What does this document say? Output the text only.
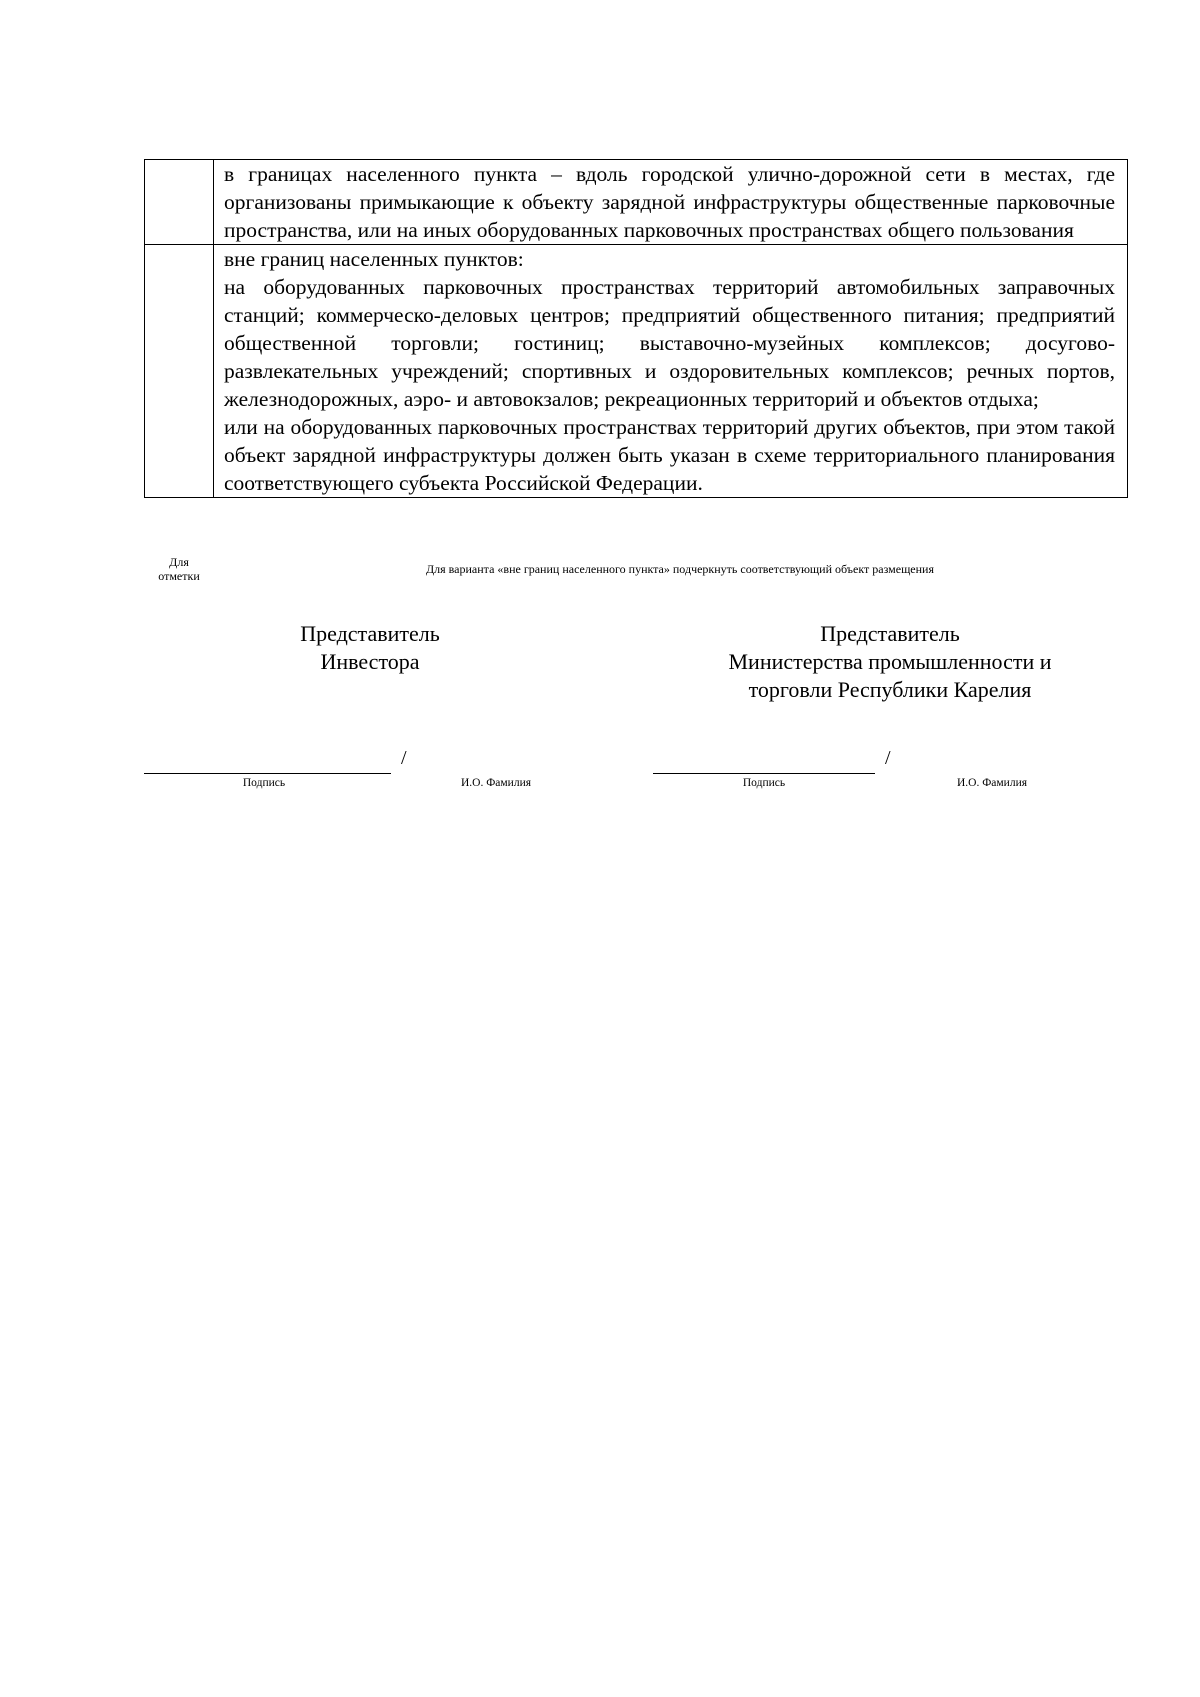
	в границах населенного пункта – вдоль городской улично-дорожной сети в местах, где организованы примыкающие к объекту зарядной инфраструктуры общественные парковочные пространства, или на иных оборудованных парковочных пространствах общего пользования

	вне границ населенных пунктов:

на оборудованных парковочных пространствах территорий автомобильных заправочных станций; коммерческо-деловых центров; предприятий общественного питания; предприятий общественной торговли; гостиниц; выставочно-музейных комплексов; досугово-развлекательных учреждений; спортивных и оздоровительных комплексов; речных портов, железнодорожных, аэро- и автовокзалов; рекреационных территорий и объектов отдыха;

или на оборудованных парковочных пространствах территорий других объектов, при этом такой объект зарядной инфраструктуры должен быть указан в схеме территориального планирования соответствующего субъекта Российской Федерации.

Для
отметки	Для варианта «вне границ населенного пункта» подчеркнуть соответствующий объект размещения
Представитель
Инвестора
Представитель
Министерства промышленности и
торговли Республики Карелия
/
Подпись	И.О. Фамилия
/
Подпись	И.О. Фамилия
